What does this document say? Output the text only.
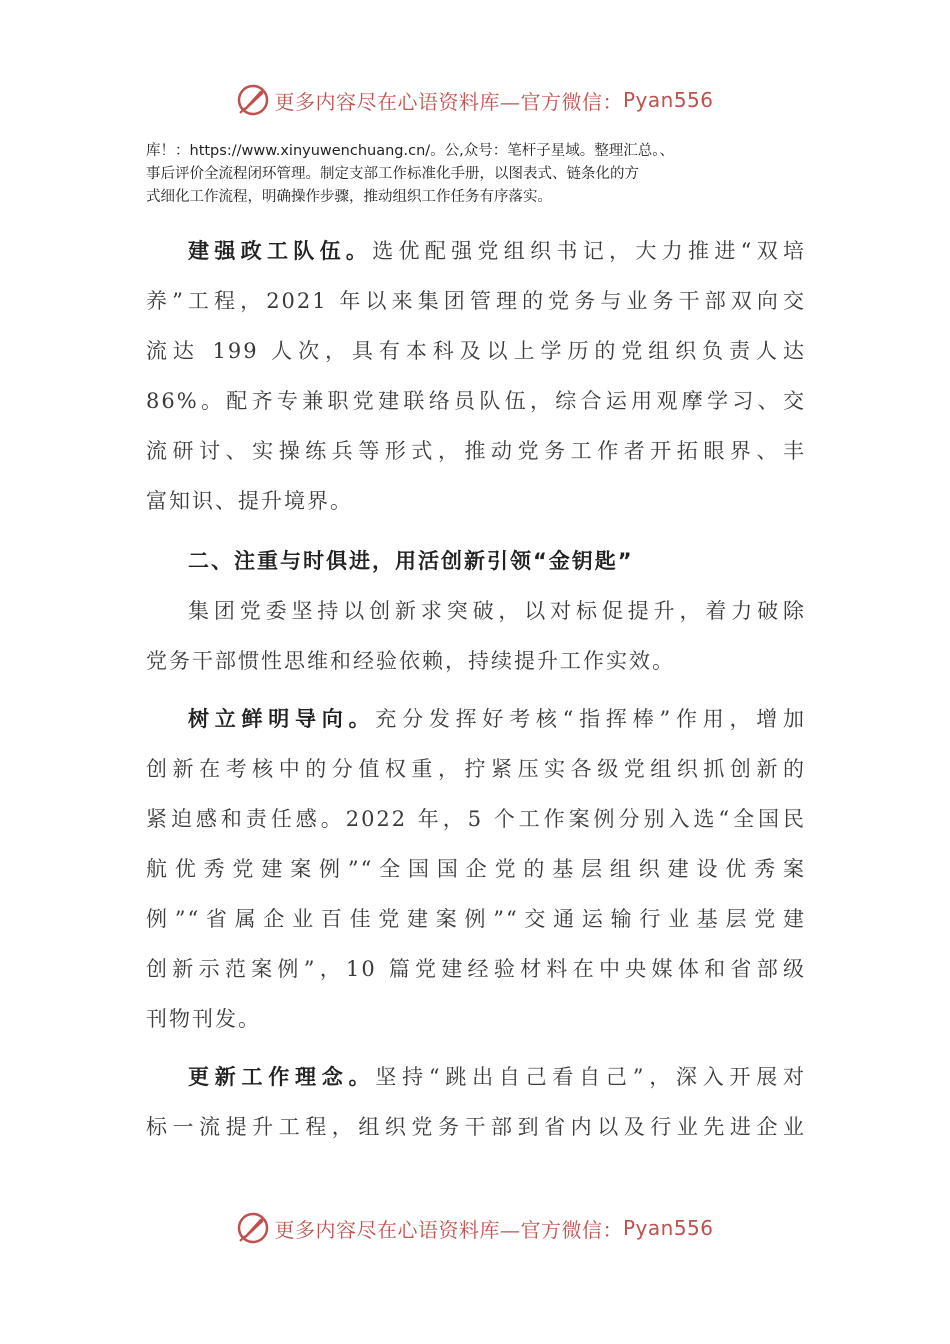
更多内容尽在心语资料库—官方微信： Pyan556

库！：https://www.xinyuwenchuang.cn/。公,众号：笔杆子星域。整理汇总。、

事后评价全流程闭环管理。制定支部工作标准化手册，以图表式、链条化的方

式细化工作流程，明确操作步骤，推动组织工作任务有序落实。

建强政工队伍。选优配强党组织书记，大力推进“双培
养”工程，2021 年以来集团管理的党务与业务干部双向交
流达 199 人次，具有本科及以上学历的党组织负责人达
86%。配齐专兼职党建联络员队伍，综合运用观摩学习、交
流研讨、实操练兵等形式，推动党务工作者开拓眼界、丰
富知识、提升境界。
二、注重与时俱进，用活创新引领“金钥匙”
集团党委坚持以创新求突破，以对标促提升，着力破除
党务干部惯性思维和经验依赖，持续提升工作实效。
树立鲜明导向。充分发挥好考核“指挥棒”作用，增加
创新在考核中的分值权重，拧紧压实各级党组织抓创新的
紧迫感和责任感。2022 年，5 个工作案例分别入选“全国民
航优秀党建案例”“全国国企党的基层组织建设优秀案
例”“省属企业百佳党建案例”“交通运输行业基层党建
创新示范案例”，10 篇党建经验材料在中央媒体和省部级
刊物刊发。
更新工作理念。坚持“跳出自己看自己”，深入开展对
标一流提升工程，组织党务干部到省内以及行业先进企业
更多内容尽在心语资料库—官方微信： Pyan556
